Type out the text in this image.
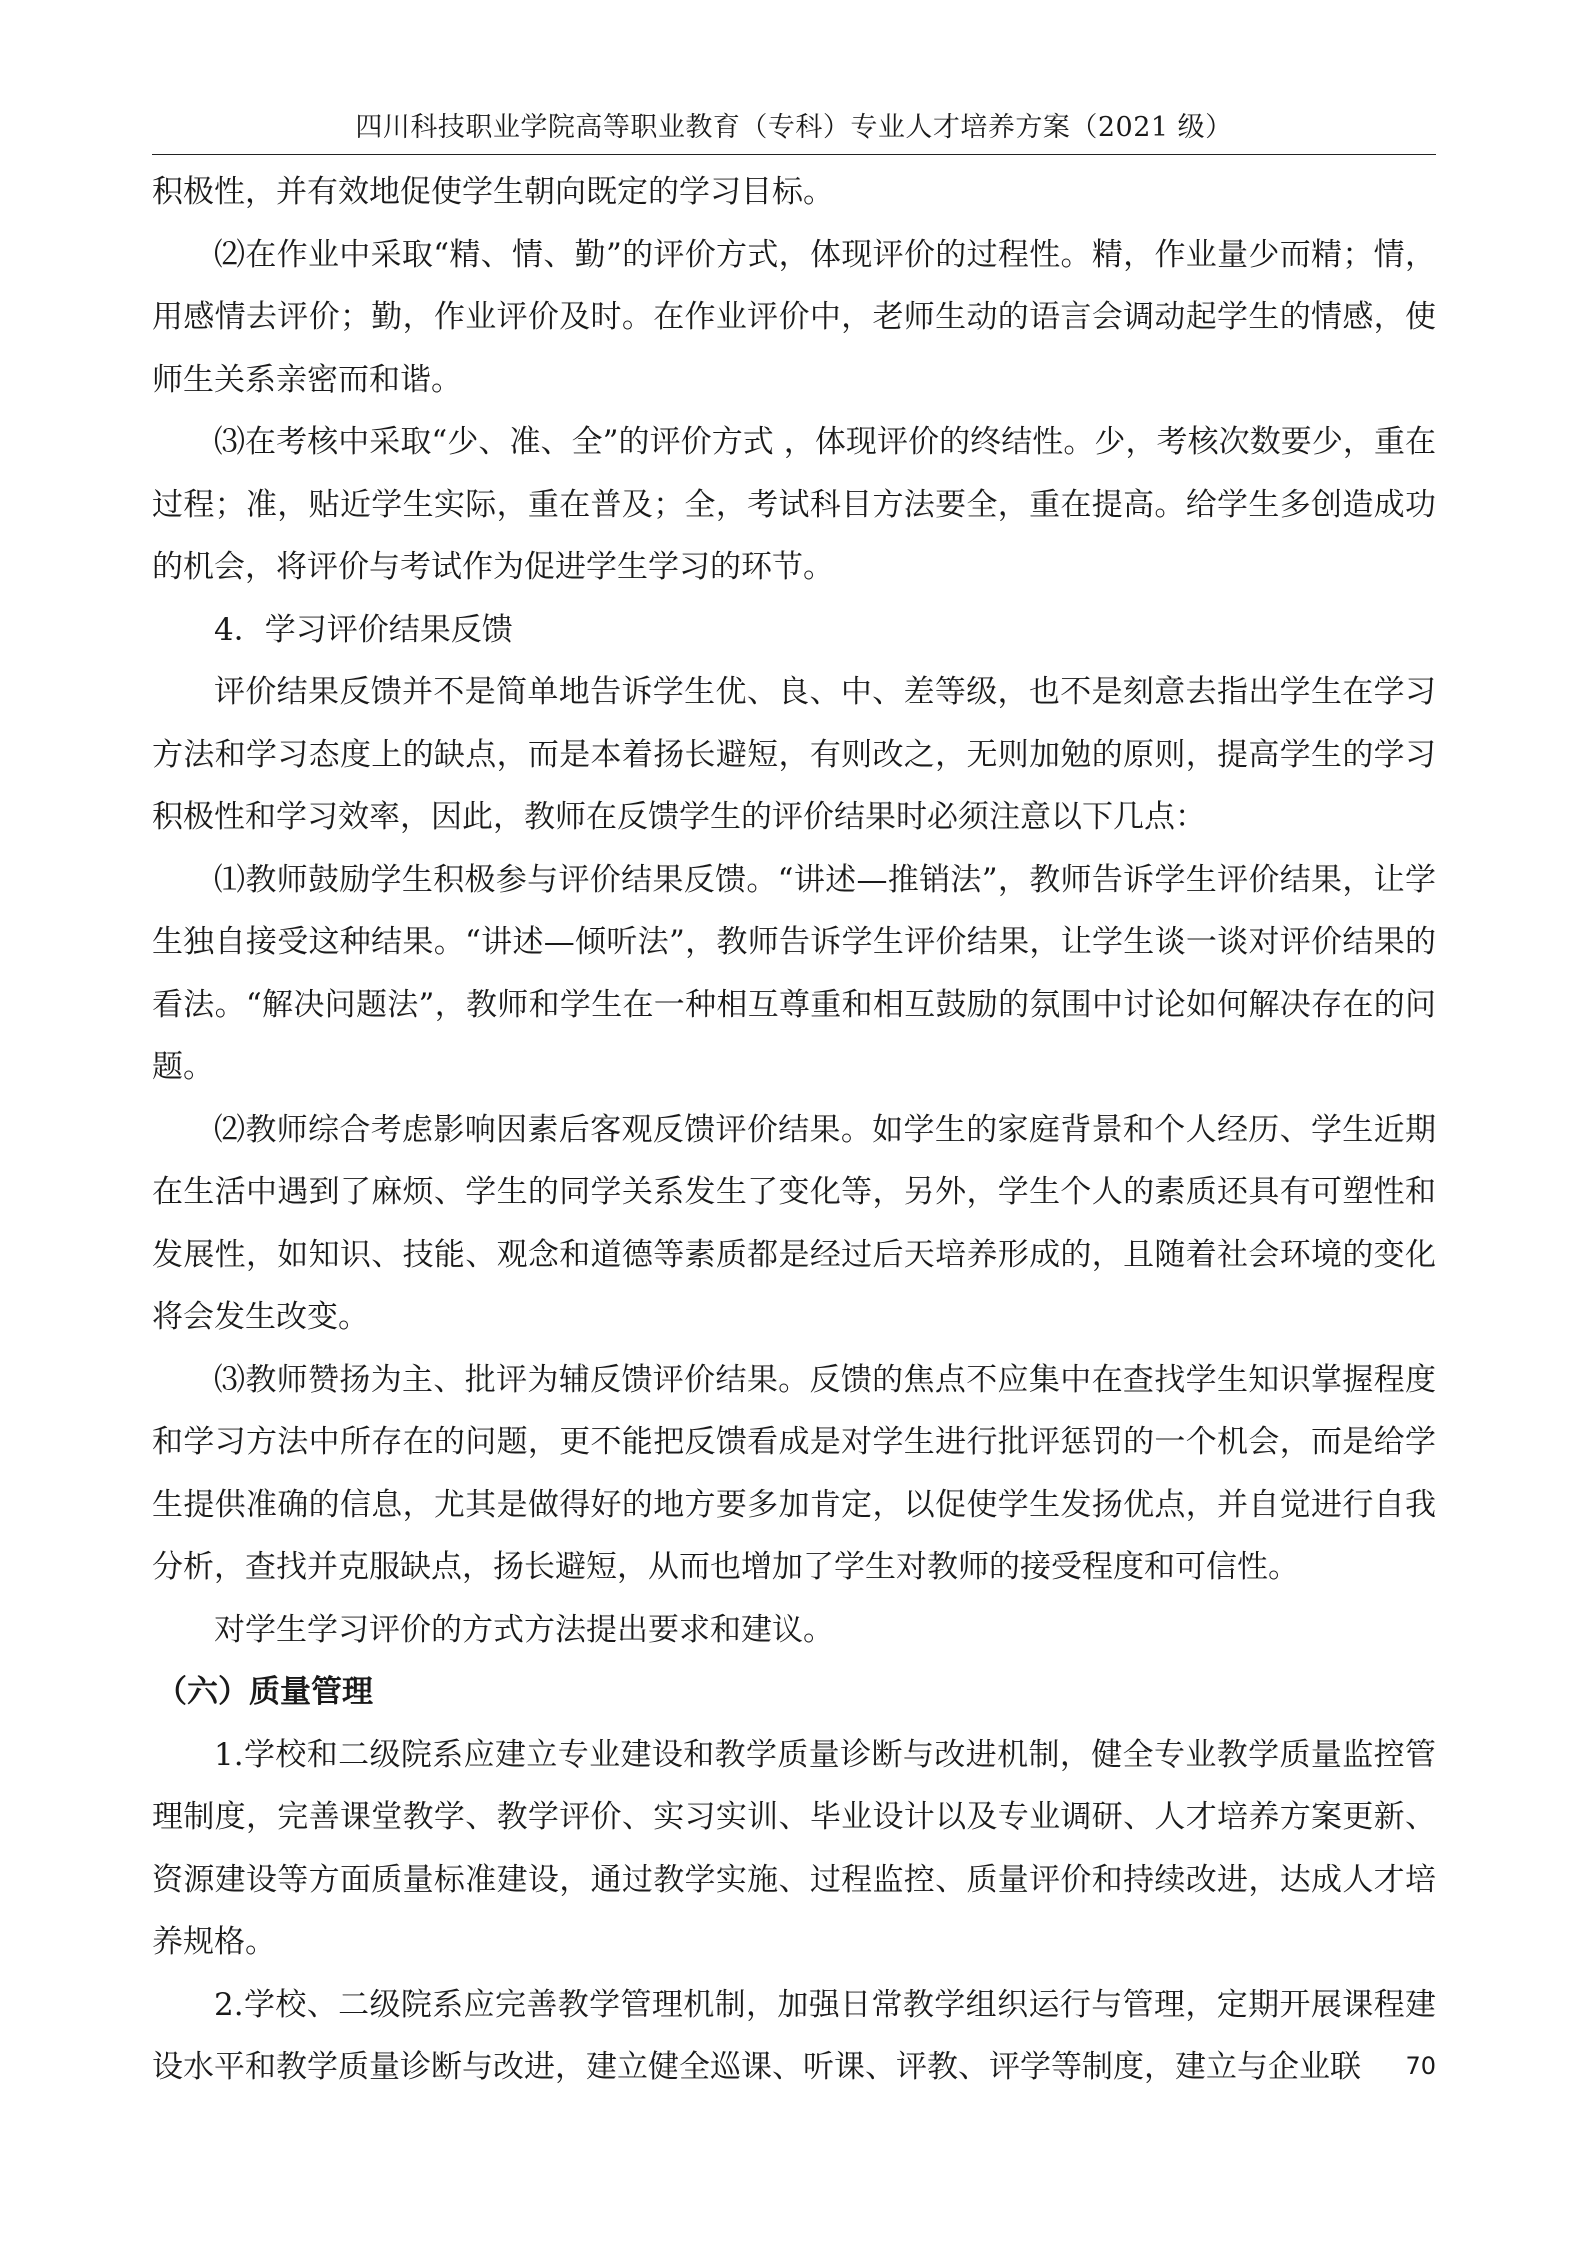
四川科技职业学院高等职业教育（专科）专业人才培养方案（2021 级）

积极性，并有效地促使学生朝向既定的学习目标。

⑵在作业中采取“精、情、勤”的评价方式，体现评价的过程性。精，作业量少而精；情，用感情去评价；勤，作业评价及时。在作业评价中，老师生动的语言会调动起学生的情感，使师生关系亲密而和谐。

⑶在考核中采取“少、准、全”的评价方式 ，体现评价的终结性。少，考核次数要少，重在过程；准，贴近学生实际，重在普及；全，考试科目方法要全，重在提高。给学生多创造成功的机会，将评价与考试作为促进学生学习的环节。

4．学习评价结果反馈

评价结果反馈并不是简单地告诉学生优、良、中、差等级，也不是刻意去指出学生在学习方法和学习态度上的缺点，而是本着扬长避短，有则改之，无则加勉的原则，提高学生的学习积极性和学习效率，因此，教师在反馈学生的评价结果时必须注意以下几点：

⑴教师鼓励学生积极参与评价结果反馈。“讲述—推销法”，教师告诉学生评价结果，让学生独自接受这种结果。“讲述—倾听法”，教师告诉学生评价结果，让学生谈一谈对评价结果的看法。“解决问题法”，教师和学生在一种相互尊重和相互鼓励的氛围中讨论如何解决存在的问题。

⑵教师综合考虑影响因素后客观反馈评价结果。如学生的家庭背景和个人经历、学生近期在生活中遇到了麻烦、学生的同学关系发生了变化等，另外，学生个人的素质还具有可塑性和发展性，如知识、技能、观念和道德等素质都是经过后天培养形成的，且随着社会环境的变化将会发生改变。

⑶教师赞扬为主、批评为辅反馈评价结果。反馈的焦点不应集中在查找学生知识掌握程度和学习方法中所存在的问题，更不能把反馈看成是对学生进行批评惩罚的一个机会，而是给学生提供准确的信息，尤其是做得好的地方要多加肯定，以促使学生发扬优点，并自觉进行自我分析，查找并克服缺点，扬长避短，从而也增加了学生对教师的接受程度和可信性。

对学生学习评价的方式方法提出要求和建议。

（六）质量管理

1.学校和二级院系应建立专业建设和教学质量诊断与改进机制，健全专业教学质量监控管理制度，完善课堂教学、教学评价、实习实训、毕业设计以及专业调研、人才培养方案更新、资源建设等方面质量标准建设，通过教学实施、过程监控、质量评价和持续改进，达成人才培养规格。

2.学校、二级院系应完善教学管理机制，加强日常教学组织运行与管理，定期开展课程建设水平和教学质量诊断与改进，建立健全巡课、听课、评教、评学等制度，建立与企业联	70
